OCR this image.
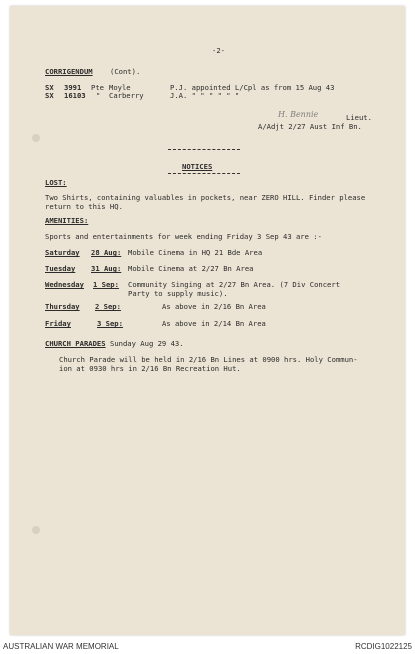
-2-
CORRIGENDUM (Cont).
SX 3991 Pte Moyle	P.J. appointed L/Cpl as from 15 Aug 43
SX 16103 " Carberry	J.A. " " " " " "
H. Bennie	Lieut.
A/Adjt 2/27 Aust Inf Bn.
NOTICES
LOST:
Two Shirts, containing valuables in pockets, near ZERO HILL. Finder please
return to this HQ.
AMENITIES:
Sports and entertainments for week ending Friday 3 Sep 43 are :-
Saturday 28 Aug: Mobile Cinema in HQ 21 Bde Area
Tuesday 31 Aug: Mobile Cinema at 2/27 Bn Area
Wednesday 1 Sep: Community Singing at 2/27 Bn Area. (7 Div Concert
Party to supply music).
Thursday 2 Sep:	As above in 2/16 Bn Area
Friday	3 Sep:	As above in 2/14 Bn Area
CHURCH PARADES Sunday Aug 29 43.
Church Parade will be held in 2/16 Bn Lines at 0900 hrs. Holy Commun-
ion at 0930 hrs in 2/16 Bn Recreation Hut.
AUSTRALIAN WAR MEMORIAL	RCDIG1022125
